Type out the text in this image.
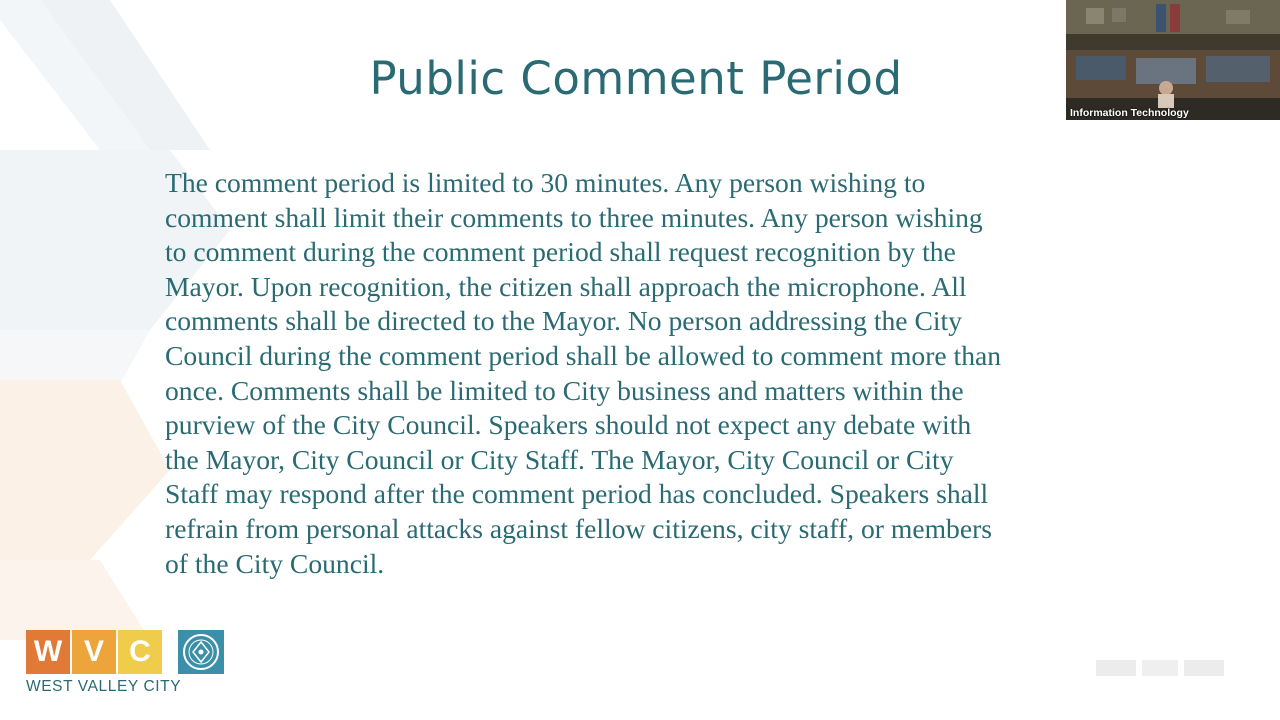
Public Comment Period
The comment period is limited to 30 minutes. Any person wishing to
comment shall limit their comments to three minutes. Any person wishing
to comment during the comment period shall request recognition by the
Mayor. Upon recognition, the citizen shall approach the microphone. All
comments shall be directed to the Mayor. No person addressing the City
Council during the comment period shall be allowed to comment more than
once. Comments shall be limited to City business and matters within the
purview of the City Council. Speakers should not expect any debate with
the Mayor, City Council or City Staff. The Mayor, City Council or City
Staff may respond after the comment period has concluded. Speakers shall
refrain from personal attacks against fellow citizens, city staff, or members
of the City Council.
W V C
WEST VALLEY CITY
Information Technology
